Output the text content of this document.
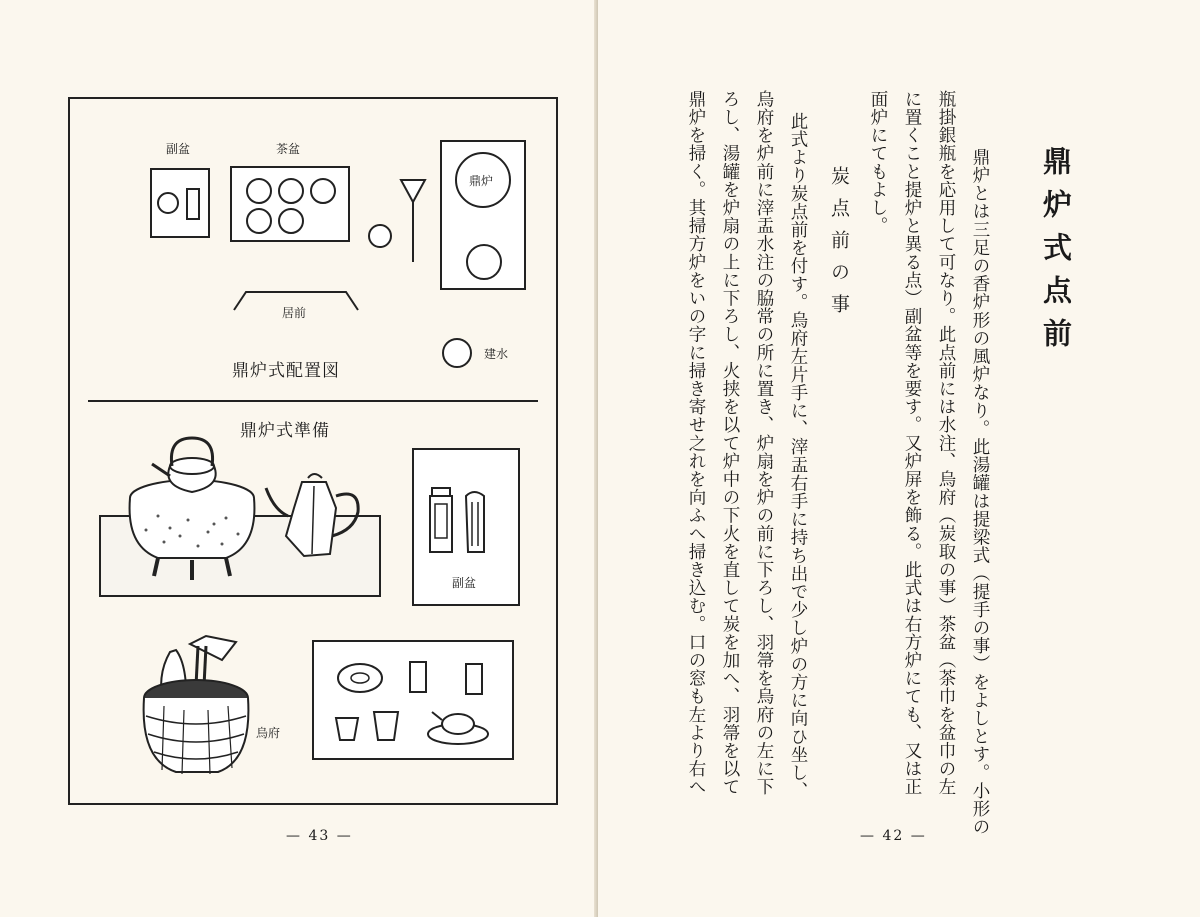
副盆	茶盆
鼎炉
居前
建水
鼎炉式配置図
鼎炉式準備
副盆
烏府
— 43 —
鼎炉式点前
鼎炉とは三足の香炉形の風炉なり。此湯罐は提梁式（提手の事）をよしとす。小形の
瓶掛銀瓶を応用して可なり。此点前には水注、烏府（炭取の事）茶盆（茶巾を盆巾の左
に置くこと提炉と異る点）副盆等を要す。又炉屏を飾る。此式は右方炉にても、又は正
面炉にてもよし。
炭点前の事
此式より炭点前を付す。烏府左片手に、滓盂右手に持ち出で少し炉の方に向ひ坐し、
烏府を炉前に滓盂水注の脇常の所に置き、炉扇を炉の前に下ろし、羽箒を烏府の左に下
ろし、湯罐を炉扇の上に下ろし、火挟を以て炉中の下火を直して炭を加へ、羽箒を以て
鼎炉を掃く。其掃方炉をいの字に掃き寄せ之れを向ふへ掃き込む。口の窓も左より右へ
— 42 —
